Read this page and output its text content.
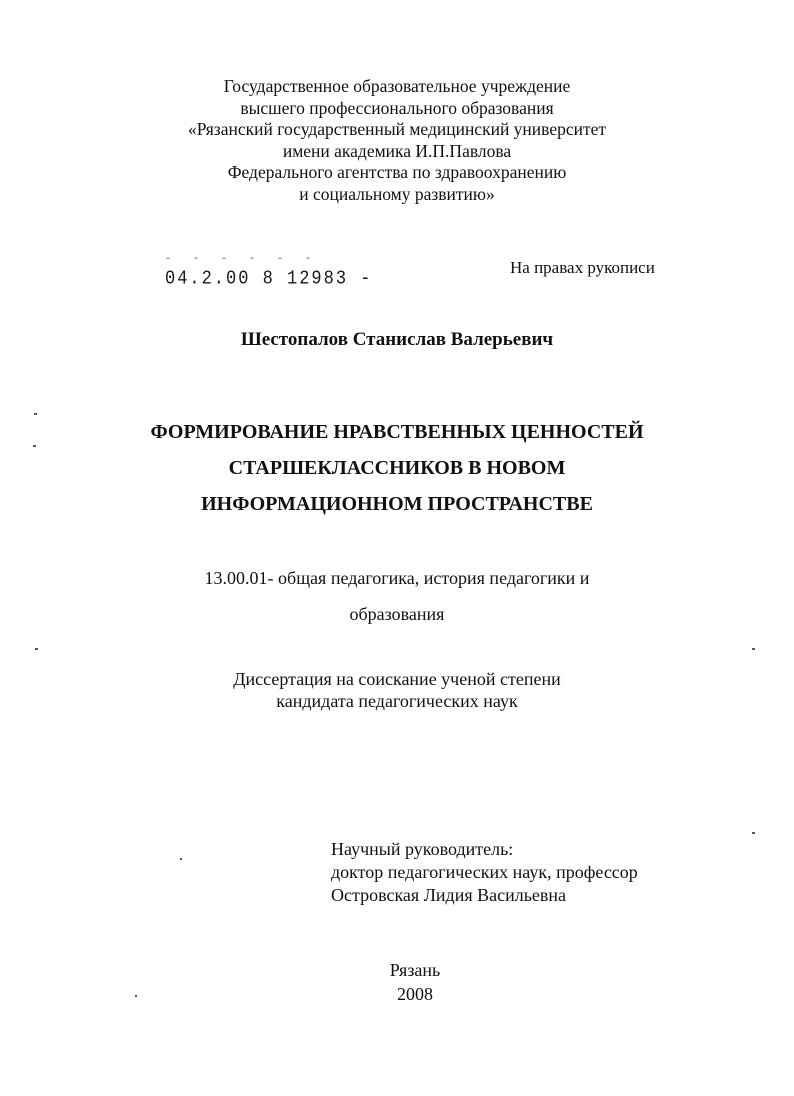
Государственное образовательное учреждение
высшего профессионального образования
«Рязанский государственный медицинский университет
имени академика И.П.Павлова
Федерального агентства по здравоохранению
и социальному развитию»
- - - - - -
04.2.00 8 12983 -
На правах рукописи
Шестопалов Станислав Валерьевич
ФОРМИРОВАНИЕ НРАВСТВЕННЫХ ЦЕННОСТЕЙ
СТАРШЕКЛАССНИКОВ В НОВОМ
ИНФОРМАЦИОННОМ ПРОСТРАНСТВЕ
13.00.01- общая педагогика, история педагогики и
образования
Диссертация на соискание ученой степени
кандидата педагогических наук
Научный руководитель:
доктор педагогических наук, профессор
Островская Лидия Васильевна
Рязань
2008
